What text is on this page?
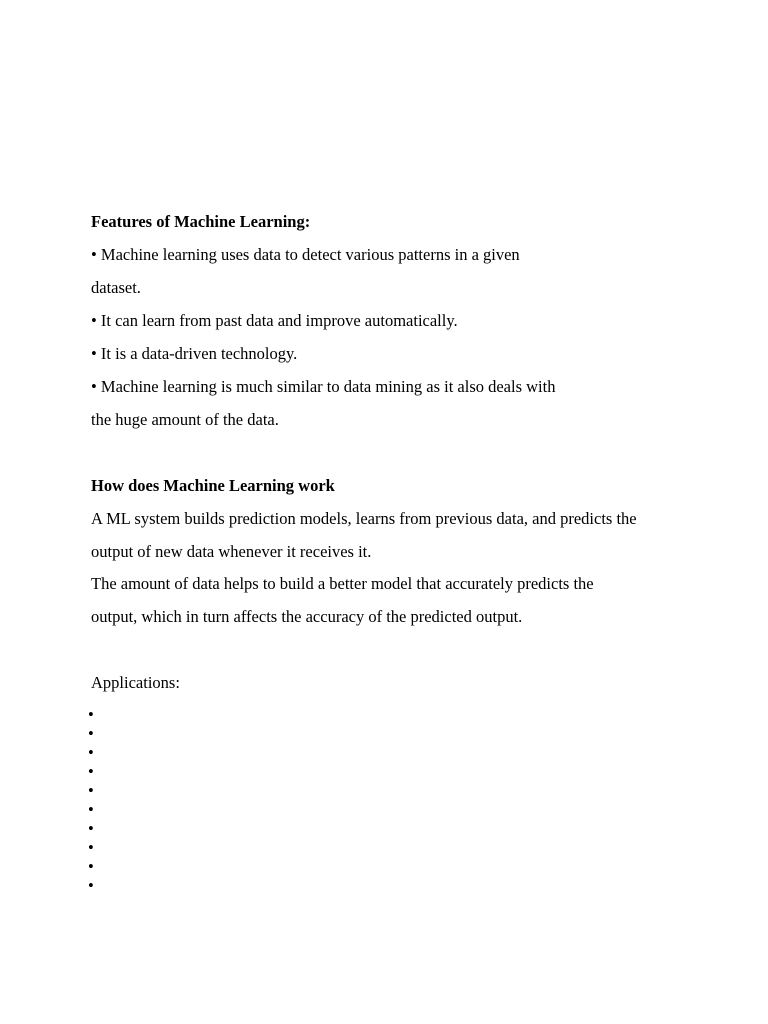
Features of Machine Learning:
• Machine learning uses data to detect various patterns in a given
dataset.
• It can learn from past data and improve automatically.
• It is a data-driven technology.
• Machine learning is much similar to data mining as it also deals with
the huge amount of the data.
How does Machine Learning work
A ML system builds prediction models, learns from previous data, and predicts the
output of new data whenever it receives it.
The amount of data helps to build a better model that accurately predicts the
output, which in turn affects the accuracy of the predicted output.
Applications:
•
•
•
•
•
•
•
•
•
•
